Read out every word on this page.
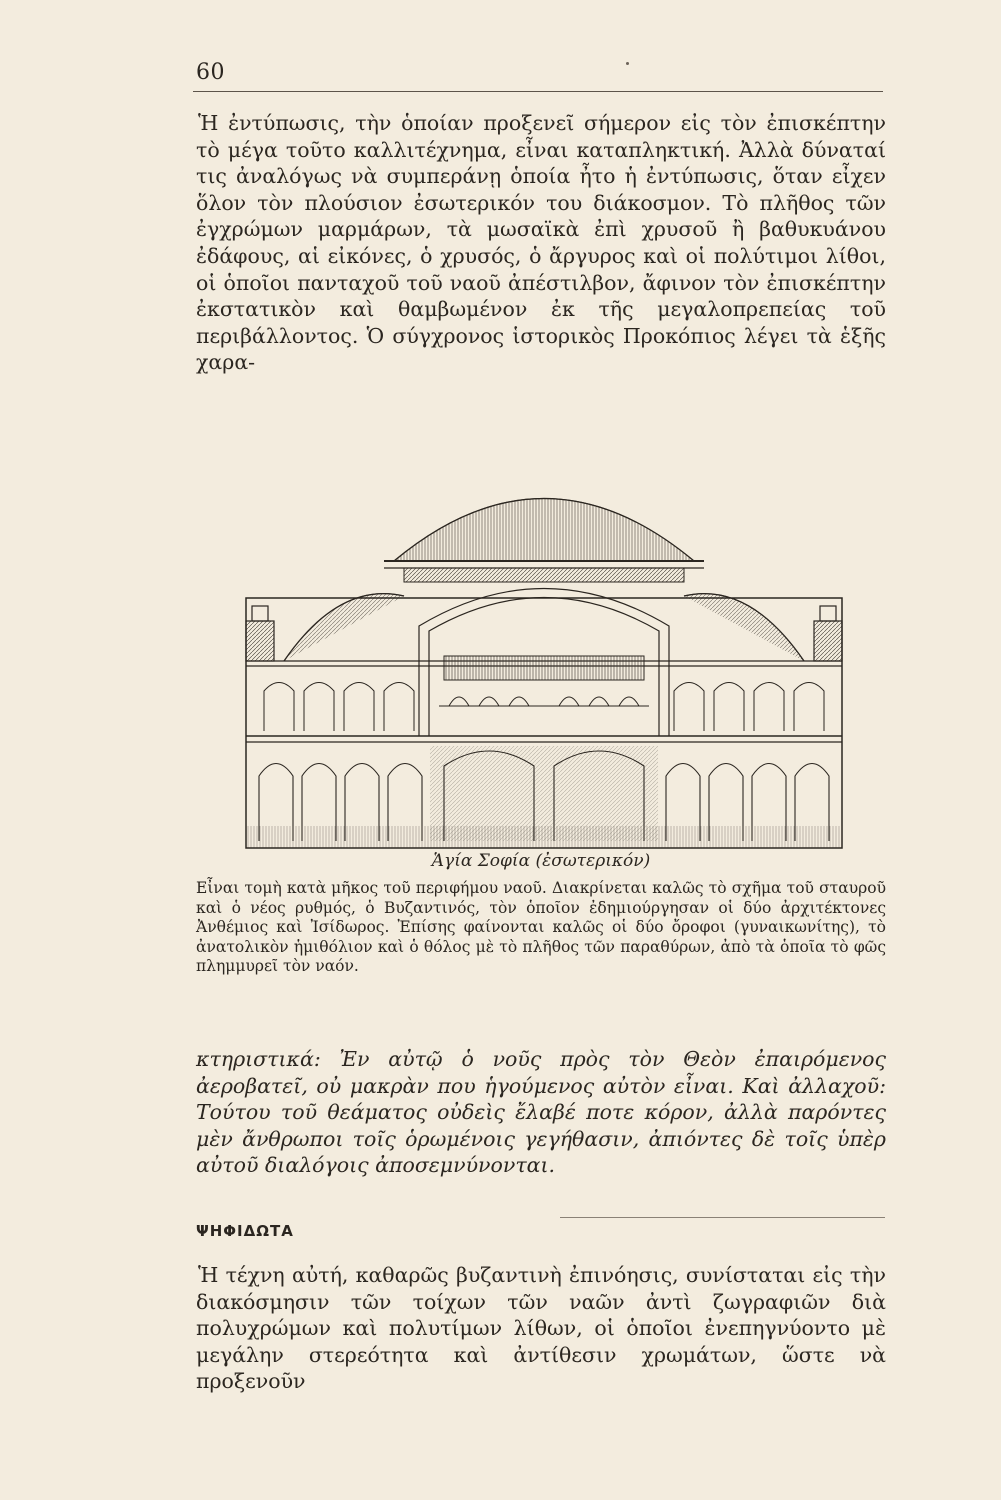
60

Ἡ ἐντύπωσις, τὴν ὁποίαν προξενεῖ σήμερον εἰς τὸν ἐπισκέπτην τὸ μέγα τοῦτο καλλιτέχνημα, εἶναι καταπληκτική. Ἀλλὰ δύναταί τις ἀναλόγως νὰ συμπεράνῃ ὁποία ἦτο ἡ ἐντύπωσις, ὅταν εἶχεν ὅλον τὸν πλούσιον ἐσωτερικόν του διάκοσμον. Τὸ πλῆθος τῶν ἐγχρώμων μαρμάρων, τὰ μωσαϊκὰ ἐπὶ χρυσοῦ ἢ βαθυκυάνου ἐδάφους, αἱ εἰκόνες, ὁ χρυσός, ὁ ἄργυρος καὶ οἱ πολύτιμοι λίθοι, οἱ ὁποῖοι πανταχοῦ τοῦ ναοῦ ἀπέστιλβον, ἄφινον τὸν ἐπισκέπτην ἐκστατικὸν καὶ θαμβωμένον ἐκ τῆς μεγαλοπρεπείας τοῦ περιβάλλοντος. Ὁ σύγχρονος ἱστορικὸς Προκόπιος λέγει τὰ ἑξῆς χαρα-

Ἁγία Σοφία (ἐσωτερικόν)

Εἶναι τομὴ κατὰ μῆκος τοῦ περιφήμου ναοῦ. Διακρίνεται καλῶς τὸ σχῆμα τοῦ σταυροῦ καὶ ὁ νέος ρυθμός, ὁ Βυζαντινός, τὸν ὁποῖον ἐδημιούργησαν οἱ δύο ἀρχιτέκτονες Ἀνθέμιος καὶ Ἰσίδωρος. Ἐπίσης φαίνονται καλῶς οἱ δύο ὄροφοι (γυναικωνίτης), τὸ ἀνατολικὸν ἡμιθόλιον καὶ ὁ θόλος μὲ τὸ πλῆθος τῶν παραθύρων, ἀπὸ τὰ ὁποῖα τὸ φῶς πλημμυρεῖ τὸν ναόν.

κτηριστικά: Ἐν αὐτῷ ὁ νοῦς πρὸς τὸν Θεὸν ἐπαιρόμενος ἀεροβατεῖ, οὐ μακρὰν που ἡγούμενος αὐτὸν εἶναι. Καὶ ἀλλαχοῦ: Τούτου τοῦ θεάματος οὐδεὶς ἔλαβέ ποτε κόρον, ἀλλὰ παρόντες μὲν ἄνθρωποι τοῖς ὁρωμένοις γεγήθασιν, ἀπιόντες δὲ τοῖς ὑπὲρ αὐτοῦ διαλόγοις ἀποσεμνύνονται.

ΨΗΦΙΔΩΤΑ

Ἡ τέχνη αὐτή, καθαρῶς βυζαντινὴ ἐπινόησις, συνίσταται εἰς τὴν διακόσμησιν τῶν τοίχων τῶν ναῶν ἀντὶ ζωγραφιῶν διὰ πολυχρώμων καὶ πολυτίμων λίθων, οἱ ὁποῖοι ἐνεπηγνύοντο μὲ μεγάλην στερεότητα καὶ ἀντίθεσιν χρωμάτων, ὥστε νὰ προξενοῦν
